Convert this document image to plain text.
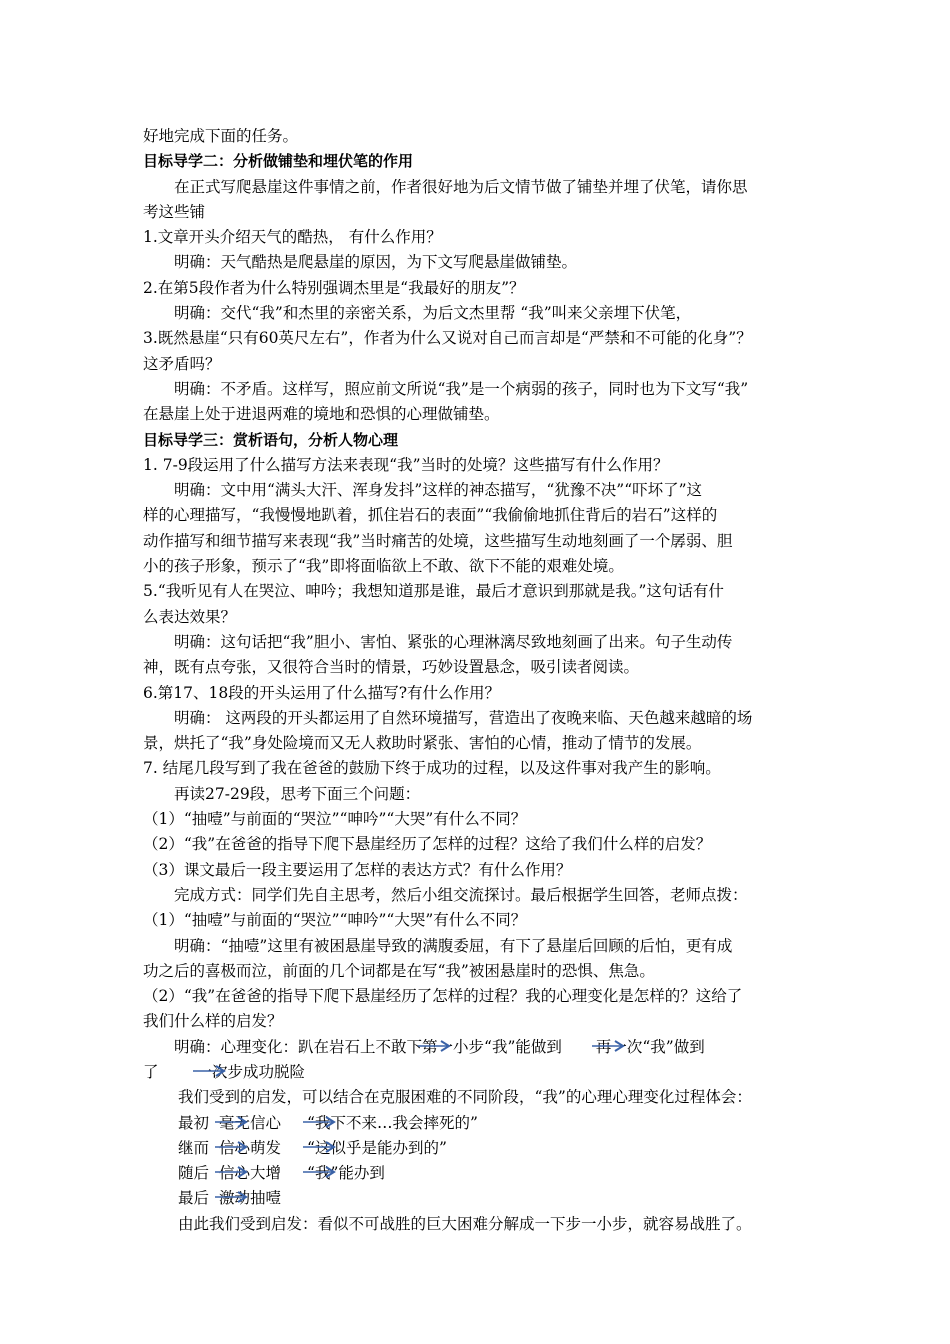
好地完成下面的任务。
目标导学二：分析做铺垫和埋伏笔的作用
在正式写爬悬崖这件事情之前，作者很好地为后文情节做了铺垫并埋了伏笔，请你思
考这些铺
1.文章开头介绍天气的酷热， 有什么作用？
明确：天气酷热是爬悬崖的原因，为下文写爬悬崖做铺垫。
2.在第5段作者为什么特别强调杰里是“我最好的朋友”？
明确：交代“我”和杰里的亲密关系，为后文杰里帮 “我”叫来父亲埋下伏笔，
3.既然悬崖“只有60英尺左右”，作者为什么又说对自己而言却是“严禁和不可能的化身”？
这矛盾吗？
明确：不矛盾。这样写，照应前文所说“我”是一个病弱的孩子，同时也为下文写“我”
在悬崖上处于进退两难的境地和恐惧的心理做铺垫。
目标导学三：赏析语句，分析人物心理
1. 7-9段运用了什么描写方法来表现“我”当时的处境？这些描写有什么作用？
明确：文中用“满头大汗、浑身发抖”这样的神态描写，“犹豫不决”“吓坏了”这
样的心理描写，“我慢慢地趴着，抓住岩石的表面”“我偷偷地抓住背后的岩石”这样的
动作描写和细节描写来表现“我”当时痛苦的处境，这些描写生动地刻画了一个孱弱、胆
小的孩子形象，预示了“我”即将面临欲上不敢、欲下不能的艰难处境。
5.“我听见有人在哭泣、呻吟；我想知道那是谁，最后才意识到那就是我。”这句话有什
么表达效果？
明确：这句话把“我”胆小、害怕、紧张的心理淋漓尽致地刻画了出来。句子生动传
神，既有点夸张，又很符合当时的情景，巧妙设置悬念，吸引读者阅读。
6.第17、18段的开头运用了什么描写?有什么作用？
明确： 这两段的开头都运用了自然环境描写，营造出了夜晚来临、天色越来越暗的场
景，烘托了“我”身处险境而又无人救助时紧张、害怕的心情，推动了情节的发展。
7. 结尾几段写到了我在爸爸的鼓励下终于成功的过程，以及这件事对我产生的影响。
再读27-29段，思考下面三个问题：
（1）“抽噎”与前面的“哭泣”“呻吟”“大哭”有什么不同？
（2）“我”在爸爸的指导下爬下悬崖经历了怎样的过程？这给了我们什么样的启发？
（3）课文最后一段主要运用了怎样的表达方式？有什么作用？
完成方式：同学们先自主思考，然后小组交流探讨。最后根据学生回答，老师点拨：
（1）“抽噎”与前面的“哭泣”“呻吟”“大哭”有什么不同？
明确：“抽噎”这里有被困悬崖导致的满腹委屈，有下了悬崖后回顾的后怕，更有成
功之后的喜极而泣，前面的几个词都是在写“我”被困悬崖时的恐惧、焦急。
（2）“我”在爸爸的指导下爬下悬崖经历了怎样的过程？我的心理变化是怎样的？这给了
我们什么样的启发？
明确：心理变化：趴在岩石上不敢下
第一小步“我”能做到 再一次“我”做到
了 一次步成功脱险
我们受到的启发，可以结合在克服困难的不同阶段，“我”的心理心理变化过程体会：
最初 毫无信心 “我下不来…我会摔死的”
继而 信心萌发 “这似乎是能办到的”
随后 信心大增 “我”能办到
最后 激动抽噎
由此我们受到启发：看似不可战胜的巨大困难分解成一下步一小步，就容易战胜了。
